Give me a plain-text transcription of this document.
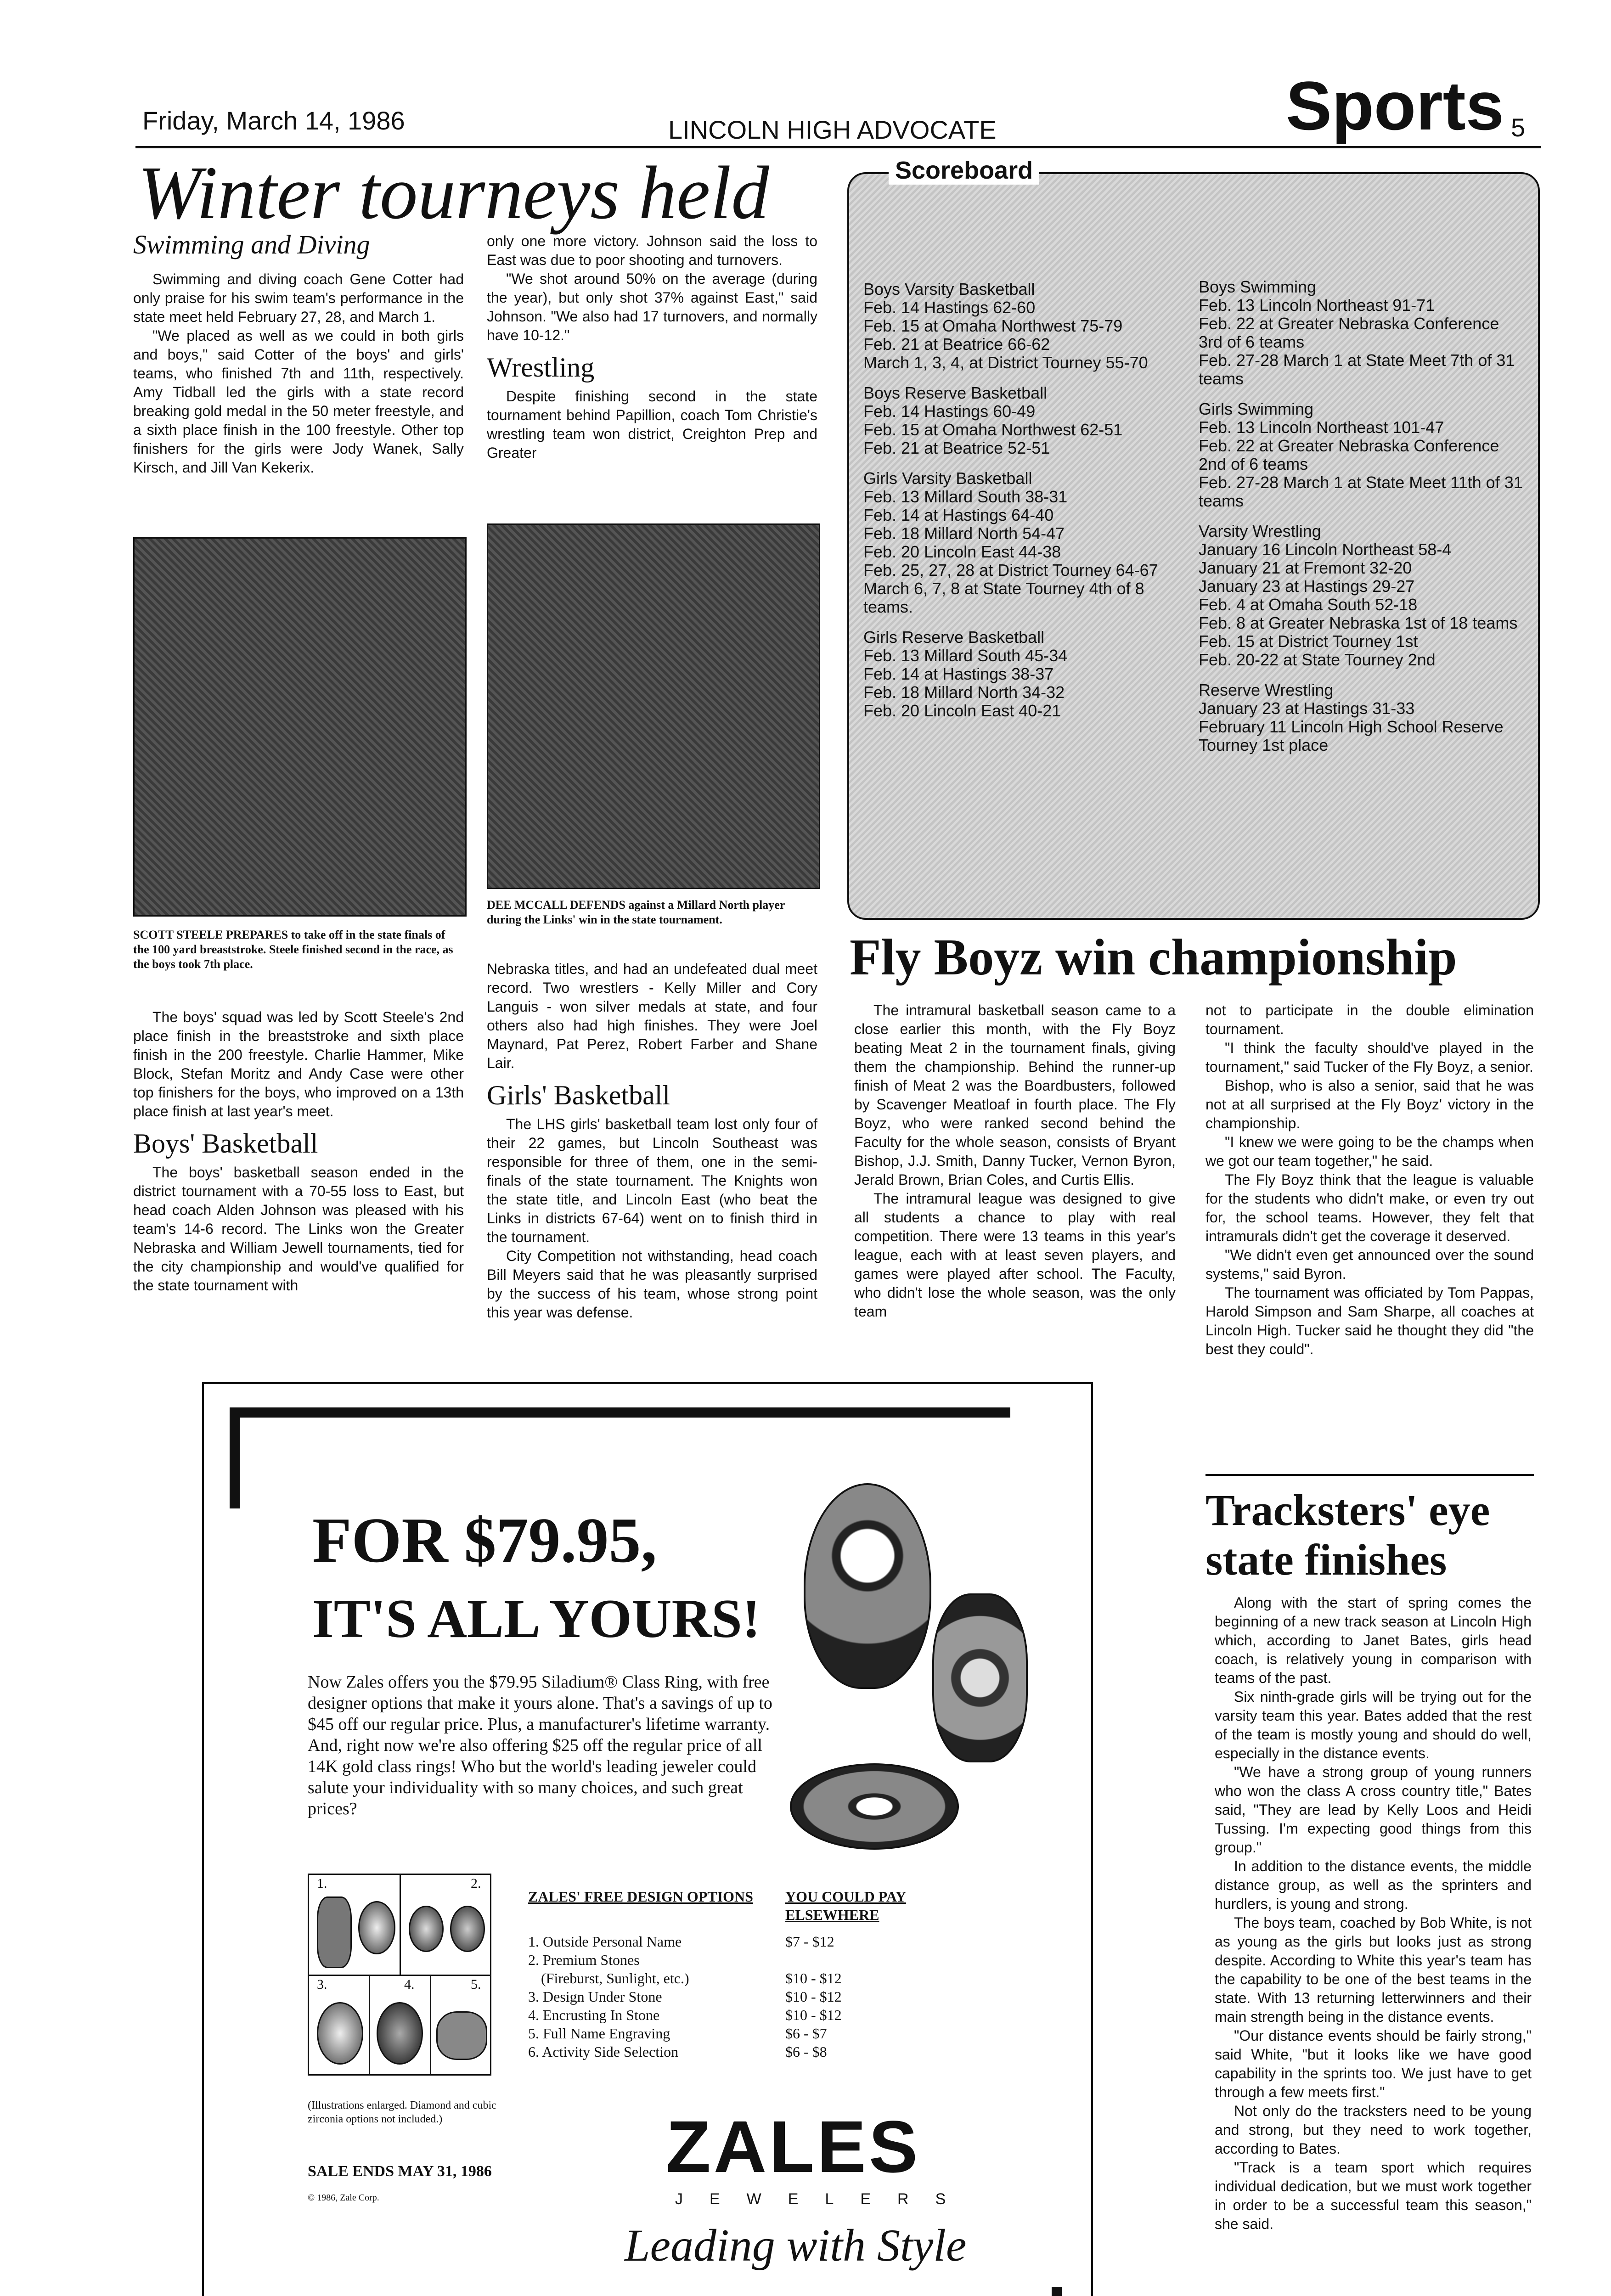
Friday, March 14, 1986	LINCOLN HIGH ADVOCATE	Sports 5
Winter tourneys held
Swimming and Diving

Swimming and diving coach Gene Cotter had only praise for his swim team's performance in the state meet held February 27, 28, and March 1.

"We placed as well as we could in both girls and boys," said Cotter of the boys' and girls' teams, who finished 7th and 11th, respectively. Amy Tidball led the girls with a state record breaking gold medal in the 50 meter freestyle, and a sixth place finish in the 100 freestyle. Other top finishers for the girls were Jody Wanek, Sally Kirsch, and Jill Van Kekerix.

SCOTT STEELE PREPARES to take off in the state finals of the 100 yard breaststroke. Steele finished second in the race, as the boys took 7th place.

The boys' squad was led by Scott Steele's 2nd place finish in the breaststroke and sixth place finish in the 200 freestyle. Charlie Hammer, Mike Block, Stefan Moritz and Andy Case were other top finishers for the boys, who improved on a 13th place finish at last year's meet.

Boys' Basketball

The boys' basketball season ended in the district tournament with a 70-55 loss to East, but head coach Alden Johnson was pleased with his team's 14-6 record. The Links won the Greater Nebraska and William Jewell tournaments, tied for the city championship and would've qualified for the state tournament with

only one more victory. Johnson said the loss to East was due to poor shooting and turnovers.

"We shot around 50% on the average (during the year), but only shot 37% against East," said Johnson. "We also had 17 turnovers, and normally have 10-12."

Wrestling

Despite finishing second in the state tournament behind Papillion, coach Tom Christie's wrestling team won district, Creighton Prep and Greater

DEE MCCALL DEFENDS against a Millard North player during the Links' win in the state tournament.

Nebraska titles, and had an undefeated dual meet record. Two wrestlers - Kelly Miller and Cory Languis - won silver medals at state, and four others also had high finishes. They were Joel Maynard, Pat Perez, Robert Farber and Shane Lair.

Girls' Basketball

The LHS girls' basketball team lost only four of their 22 games, but Lincoln Southeast was responsible for three of them, one in the semi-finals of the state tournament. The Knights won the state title, and Lincoln East (who beat the Links in districts 67-64) went on to finish third in the tournament.

City Competition not withstanding, head coach Bill Meyers said that he was pleasantly surprised by the success of his team, whose strong point this year was defense.

Scoreboard
Boys Varsity Basketball
Feb. 14 Hastings 62-60
Feb. 15 at Omaha Northwest 75-79
Feb. 21 at Beatrice 66-62
March 1, 3, 4, at District Tourney 55-70
Boys Reserve Basketball
Feb. 14 Hastings 60-49
Feb. 15 at Omaha Northwest 62-51
Feb. 21 at Beatrice 52-51
Girls Varsity Basketball
Feb. 13 Millard South 38-31
Feb. 14 at Hastings 64-40
Feb. 18 Millard North 54-47
Feb. 20 Lincoln East 44-38
Feb. 25, 27, 28 at District Tourney 64-67
March 6, 7, 8 at State Tourney 4th of 8 teams.
Girls Reserve Basketball
Feb. 13 Millard South 45-34
Feb. 14 at Hastings 38-37
Feb. 18 Millard North 34-32
Feb. 20 Lincoln East 40-21
Boys Swimming
Feb. 13 Lincoln Northeast 91-71
Feb. 22 at Greater Nebraska Conference 3rd of 6 teams
Feb. 27-28 March 1 at State Meet 7th of 31 teams
Girls Swimming
Feb. 13 Lincoln Northeast 101-47
Feb. 22 at Greater Nebraska Conference 2nd of 6 teams
Feb. 27-28 March 1 at State Meet 11th of 31 teams
Varsity Wrestling
January 16 Lincoln Northeast 58-4
January 21 at Fremont 32-20
January 23 at Hastings 29-27
Feb. 4 at Omaha South 52-18
Feb. 8 at Greater Nebraska 1st of 18 teams
Feb. 15 at District Tourney 1st
Feb. 20-22 at State Tourney 2nd
Reserve Wrestling
January 23 at Hastings 31-33
February 11 Lincoln High School Reserve Tourney 1st place
Fly Boyz win championship

The intramural basketball season came to a close earlier this month, with the Fly Boyz beating Meat 2 in the tournament finals, giving them the championship. Behind the runner-up finish of Meat 2 was the Boardbusters, followed by Scavenger Meatloaf in fourth place. The Fly Boyz, who were ranked second behind the Faculty for the whole season, consists of Bryant Bishop, J.J. Smith, Danny Tucker, Vernon Byron, Jerald Brown, Brian Coles, and Curtis Ellis.

The intramural league was designed to give all students a chance to play with real competition. There were 13 teams in this year's league, each with at least seven players, and games were played after school. The Faculty, who didn't lose the whole season, was the only team

not to participate in the double elimination tournament.

"I think the faculty should've played in the tournament," said Tucker of the Fly Boyz, a senior.

Bishop, who is also a senior, said that he was not at all surprised at the Fly Boyz' victory in the championship.

"I knew we were going to be the champs when we got our team together," he said.

The Fly Boyz think that the league is valuable for the students who didn't make, or even try out for, the school teams. However, they felt that intramurals didn't get the coverage it deserved.

"We didn't even get announced over the sound systems," said Byron.

The tournament was officiated by Tom Pappas, Harold Simpson and Sam Sharpe, all coaches at Lincoln High. Tucker said he thought they did "the best they could".

Tracksters' eye state finishes

Along with the start of spring comes the beginning of a new track season at Lincoln High which, according to Janet Bates, girls head coach, is relatively young in comparison with teams of the past.

Six ninth-grade girls will be trying out for the varsity team this year. Bates added that the rest of the team is mostly young and should do well, especially in the distance events.

"We have a strong group of young runners who won the class A cross country title," Bates said, "They are lead by Kelly Loos and Heidi Tussing. I'm expecting good things from this group."

In addition to the distance events, the middle distance group, as well as the sprinters and hurdlers, is young and strong.

The boys team, coached by Bob White, is not as young as the girls but looks just as strong despite. According to White this year's team has the capability to be one of the best teams in the state. With 13 returning letterwinners and their main strength being in the distance events.

"Our distance events should be fairly strong," said White, "but it looks like we have good capability in the sprints too. We just have to get through a few meets first."

Not only do the tracksters need to be young and strong, but they need to work together, according to Bates.

"Track is a team sport which requires individual dedication, but we must work together in order to be a successful team this season," she said.

FOR $79.95,
IT'S ALL YOURS!
Now Zales offers you the $79.95 Siladium® Class Ring, with free designer options that make it yours alone. That's a savings of up to $45 off our regular price. Plus, a manufacturer's lifetime warranty. And, right now we're also offering $25 off the regular price of all 14K gold class rings! Who but the world's leading jeweler could salute your individuality with so many choices, and such great prices?
1.	2.
3.	4.	5.
ZALES' FREE DESIGN OPTIONS	YOU COULD PAY ELSEWHERE
1. Outside Personal Name	$7 - $12
2. Premium Stones
(Fireburst, Sunlight, etc.)	$10 - $12
3. Design Under Stone	$10 - $12
4. Encrusting In Stone	$10 - $12
5. Full Name Engraving	$6 - $7
6. Activity Side Selection	$6 - $8
(Illustrations enlarged. Diamond and cubic zirconia options not included.)
SALE ENDS MAY 31, 1986
© 1986, Zale Corp.
ZALES
JEWELERS
Leading with Style
